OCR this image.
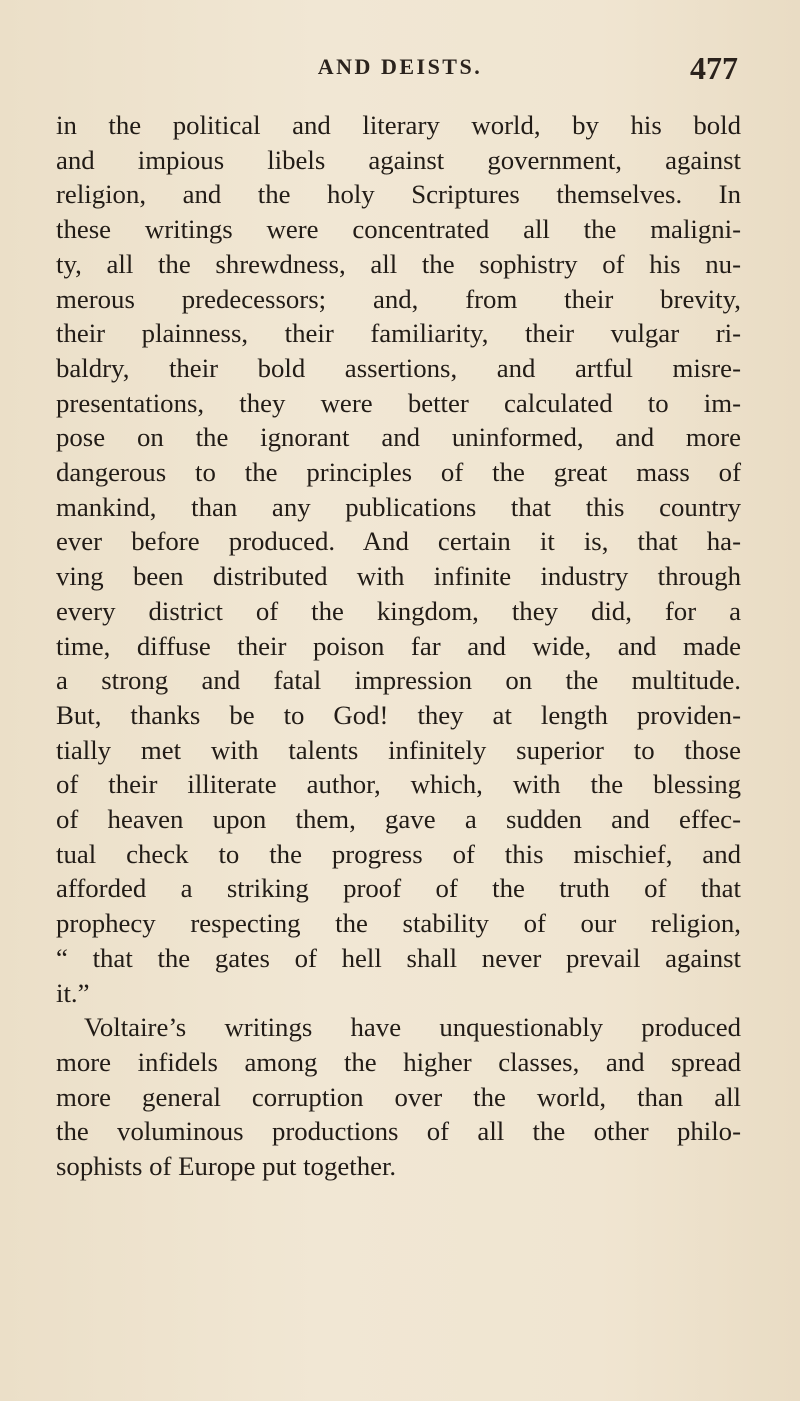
AND DEISTS.	477
in the political and literary world, by his bold
and impious libels against government, against
religion, and the holy Scriptures themselves. In
these writings were concentrated all the maligni-
ty, all the shrewdness, all the sophistry of his nu-
merous predecessors; and, from their brevity,
their plainness, their familiarity, their vulgar ri-
baldry, their bold assertions, and artful misre-
presentations, they were better calculated to im-
pose on the ignorant and uninformed, and more
dangerous to the principles of the great mass of
mankind, than any publications that this country
ever before produced. And certain it is, that ha-
ving been distributed with infinite industry through
every district of the kingdom, they did, for a
time, diffuse their poison far and wide, and made
a strong and fatal impression on the multitude.
But, thanks be to God! they at length providen-
tially met with talents infinitely superior to those
of their illiterate author, which, with the blessing
of heaven upon them, gave a sudden and effec-
tual check to the progress of this mischief, and
afforded a striking proof of the truth of that
prophecy respecting the stability of our religion,
“ that the gates of hell shall never prevail against
it.”
Voltaire’s writings have unquestionably produced
more infidels among the higher classes, and spread
more general corruption over the world, than all
the voluminous productions of all the other philo-
sophists of Europe put together.
